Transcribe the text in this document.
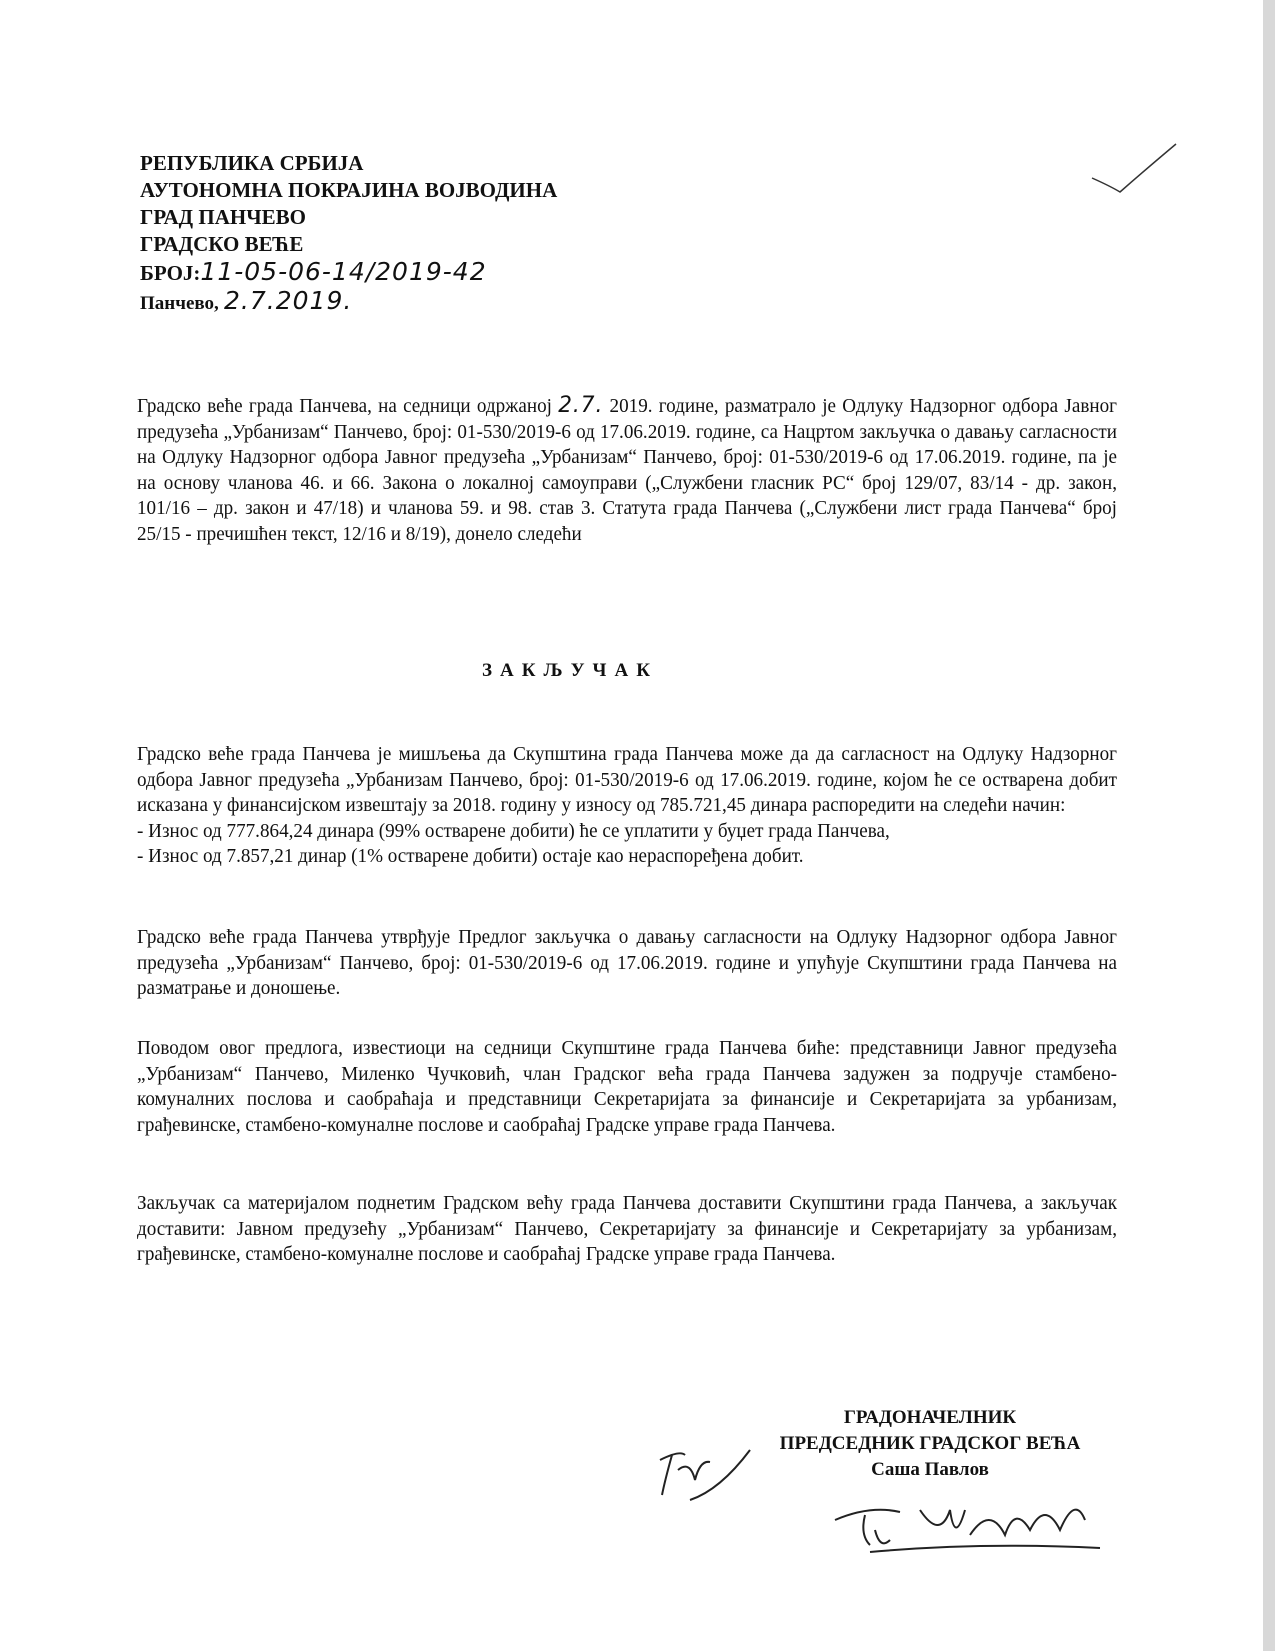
РЕПУБЛИКА СРБИЈА
АУТОНОМНА ПОКРАЈИНА ВОЈВОДИНА
ГРАД ПАНЧЕВО
ГРАДСКО ВЕЋЕ
БРОЈ:11-05-06-14/2019-42
Панчево, 2.7.2019.
Градско веће града Панчева, на седници одржаној 2.7. 2019. године, разматрало је Одлуку Надзорног одбора Јавног предузећа „Урбанизам“ Панчево, број: 01-530/2019-6 од 17.06.2019. године, са Нацртом закључка о давању сагласности на Одлуку Надзорног одбора Јавног предузећа „Урбанизам“ Панчево, број: 01-530/2019-6 од 17.06.2019. године, па је на основу чланова 46. и 66. Закона о локалној самоуправи („Службени гласник РС“ број 129/07, 83/14 - др. закон, 101/16 – др. закон и 47/18) и чланова 59. и 98. став 3. Статута града Панчева („Службени лист града Панчева“ број 25/15 - пречишћен текст, 12/16 и 8/19), донело следећи
ЗАКЉУЧАК
Градско веће града Панчева је мишљења да Скупштина града Панчева може да да сагласност на Одлуку Надзорног одбора Јавног предузећа „Урбанизам Панчево, број: 01-530/2019-6 од 17.06.2019. године, којом ће се остварена добит исказана у финансијском извештају за 2018. годину у износу од 785.721,45 динара распоредити на следећи начин:
- Износ од 777.864,24 динара (99% остварене добити) ће се уплатити у буџет града Панчева,
- Износ од 7.857,21 динар (1% остварене добити) остаје као нераспоређена добит.
Градско веће града Панчева утврђује Предлог закључка о давању сагласности на Одлуку Надзорног одбора Јавног предузећа „Урбанизам“ Панчево, број: 01-530/2019-6 од 17.06.2019. године и упућује Скупштини града Панчева на разматрање и доношење.
Поводом овог предлога, известиоци на седници Скупштине града Панчева биће: представници Јавног предузећа „Урбанизам“ Панчево, Миленко Чучковић, члан Градског већа града Панчева задужен за подручје стамбено-комуналних послова и саобраћаја и представници Секретаријата за финансије и Секретаријата за урбанизам, грађевинске, стамбено-комуналне послове и саобраћај Градске управе града Панчева.
Закључак са материјалом поднетим Градском већу града Панчева доставити Скупштини града Панчева, а закључак доставити: Јавном предузећу „Урбанизам“ Панчево, Секретаријату за финансије и Секретаријату за урбанизам, грађевинске, стамбено-комуналне послове и саобраћај Градске управе града Панчева.
ГРАДОНАЧЕЛНИК
ПРЕДСЕДНИК ГРАДСКОГ ВЕЋА
Саша Павлов
